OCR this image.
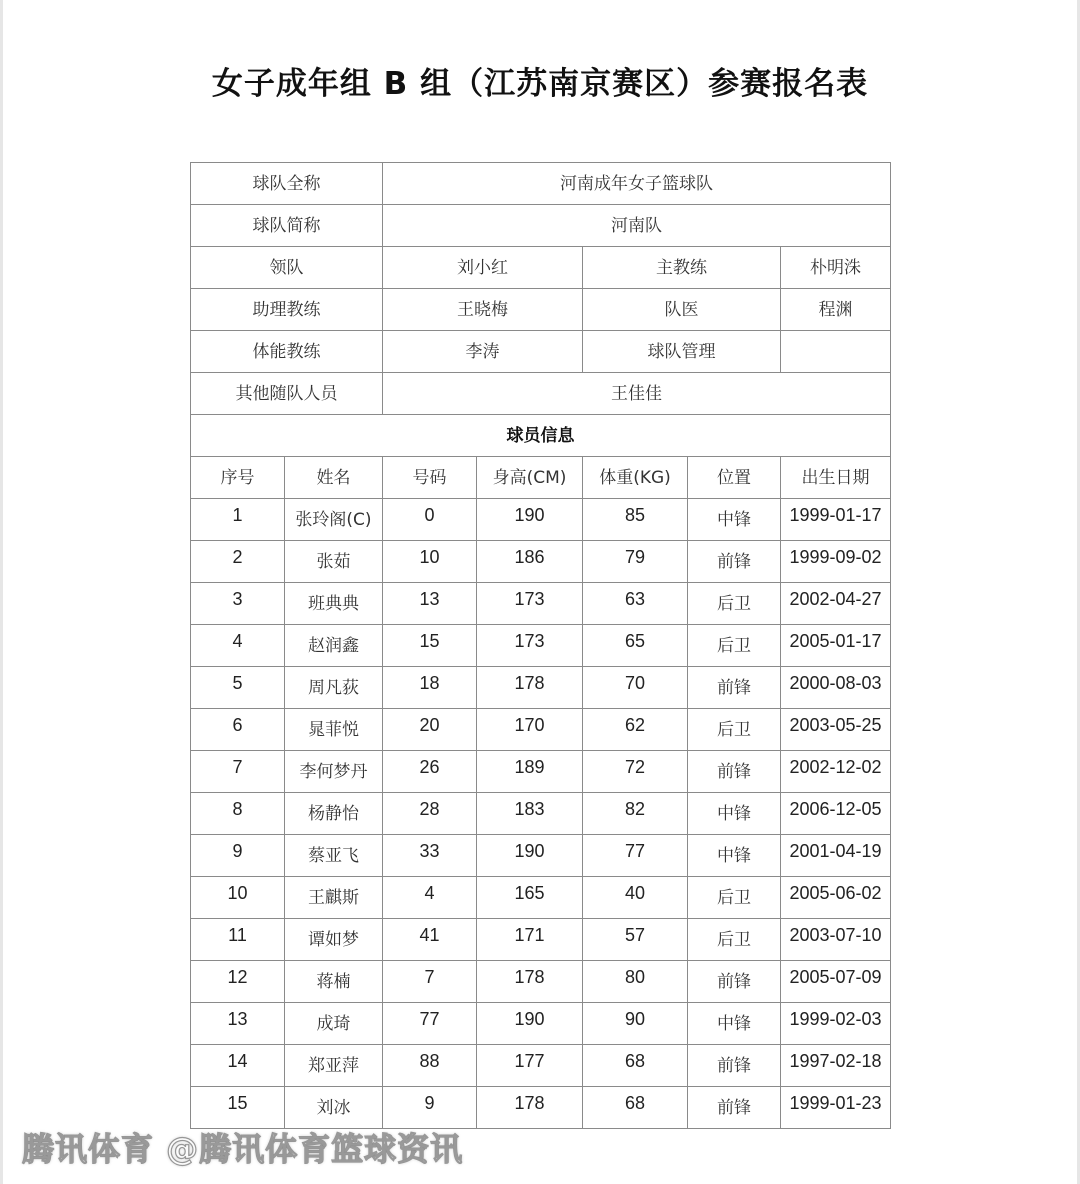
女子成年组 B 组（江苏南京赛区）参赛报名表
球队全称		河南成年女子篮球队				
球队简称		河南队				
领队		刘小红		主教练		朴明洙
助理教练		王晓梅		队医		程渊
体能教练		李涛		球队管理		
其他随队人员		王佳佳				
球员信息						
序号	姓名	号码	身高(CM)	体重(KG)	位置	出生日期
1	张玲阁(C)	0	190	85	中锋	1999-01-17
2	张茹	10	186	79	前锋	1999-09-02
3	班典典	13	173	63	后卫	2002-04-27
4	赵润鑫	15	173	65	后卫	2005-01-17
5	周凡荻	18	178	70	前锋	2000-08-03
6	晁菲悦	20	170	62	后卫	2003-05-25
7	李何梦丹	26	189	72	前锋	2002-12-02
8	杨静怡	28	183	82	中锋	2006-12-05
9	蔡亚飞	33	190	77	中锋	2001-04-19
10	王麒斯	4	165	40	后卫	2005-06-02
11	谭如梦	41	171	57	后卫	2003-07-10
12	蒋楠	7	178	80	前锋	2005-07-09
13	成琦	77	190	90	中锋	1999-02-03
14	郑亚萍	88	177	68	前锋	1997-02-18
15	刘冰	9	178	68	前锋	1999-01-23
腾讯体育 @腾讯体育篮球资讯
